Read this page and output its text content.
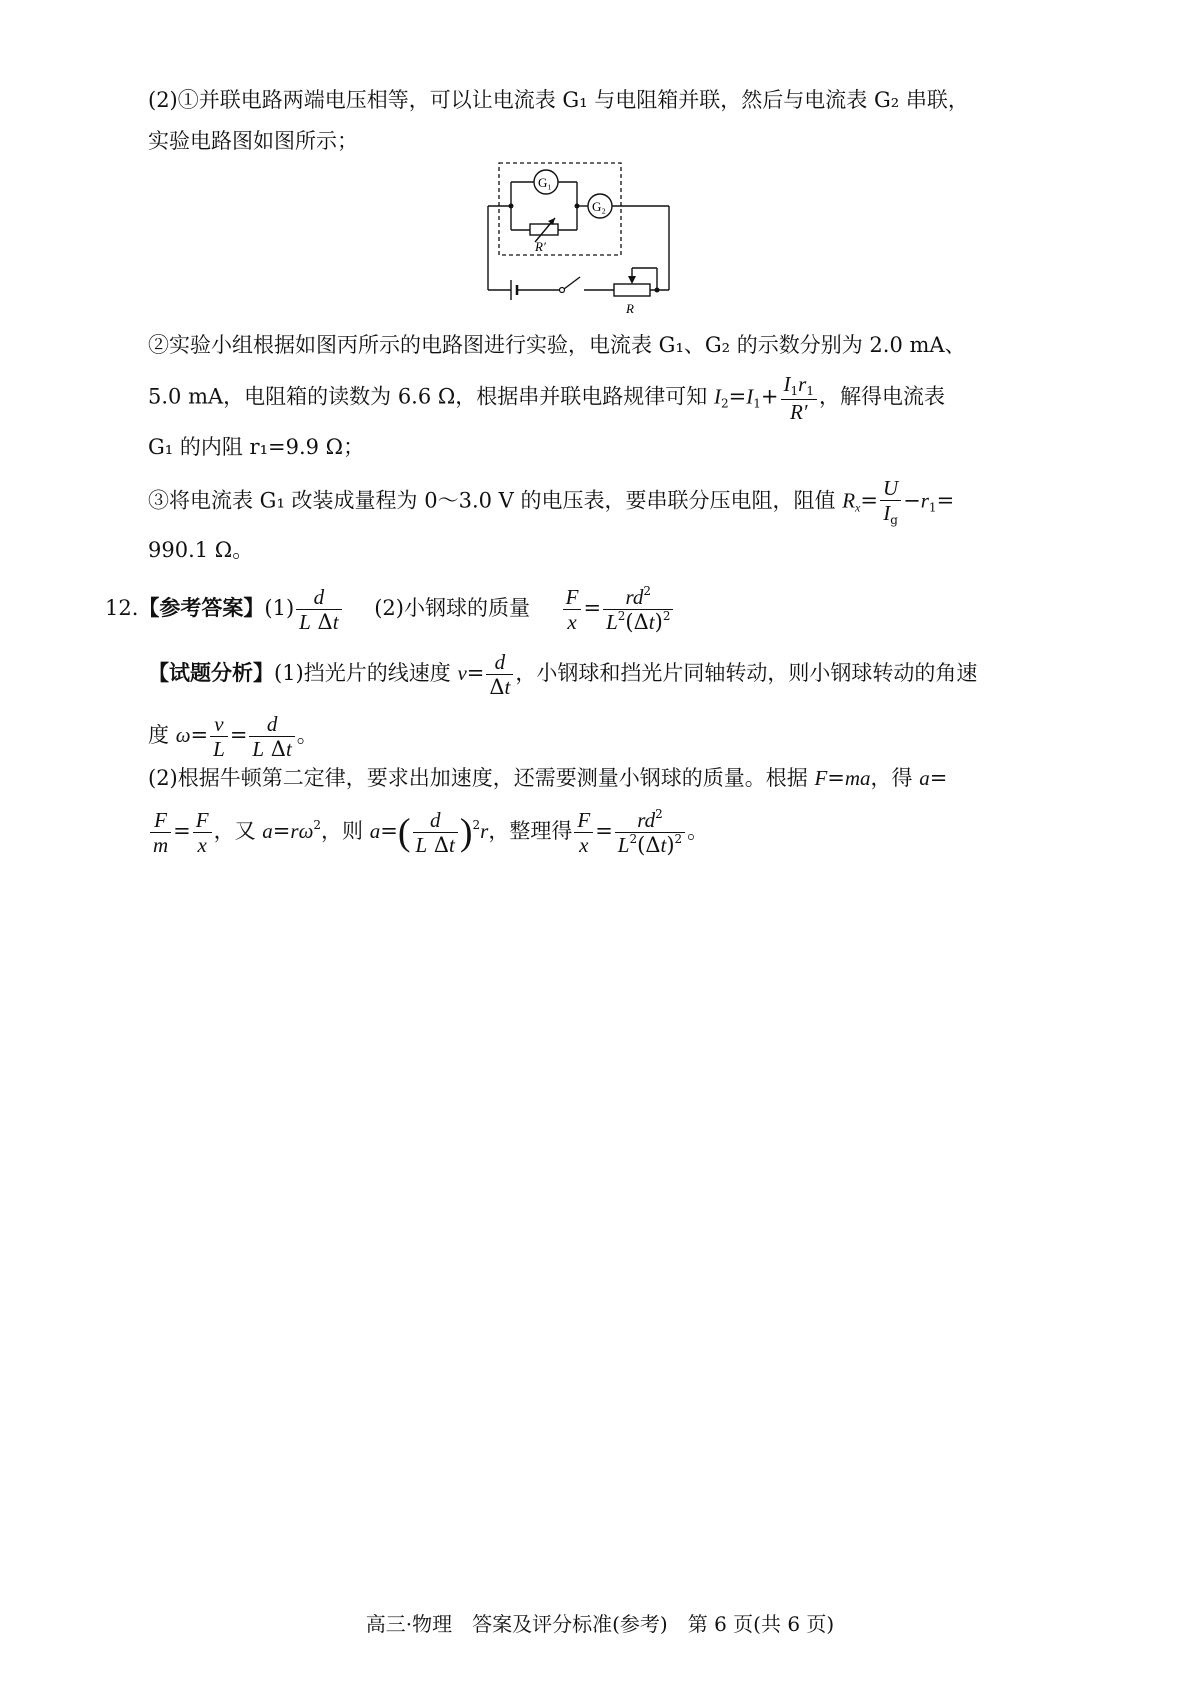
(2)①并联电路两端电压相等，可以让电流表 G₁ 与电阻箱并联，然后与电流表 G₂ 串联，
实验电路图如图所示；
G₁
R′
G₂
R
②实验小组根据如图丙所示的电路图进行实验，电流表 G₁、G₂ 的示数分别为 2.0 mA、
5.0 mA，电阻箱的读数为 6.6 Ω，根据串并联电路规律可知 $I_2=I_1+ \frac{I_1r_1}{R'}$ ，解得电流表
G₁ 的内阻 r₁=9.9 Ω；
③将电流表 G₁ 改装成量程为 0～3.0 V 的电压表，要串联分压电阻，阻值 $R_x= \frac{U}{I_g} -r_1=$
990.1 Ω。
12.【参考答案】$(1) \frac{d}{\text{L Δt}} (2)$小钢球的质量 $\frac{F}{x} = \frac{rd^2}{L^2(\Delta t)^2}$
【试题分析】(1)挡光片的线速度 $v= \frac{d}{\Delta t}$ ，小钢球和挡光片同轴转动，则小钢球转动的角速
度 $\omega= \frac{v}{L} = \frac{d}{\text{L Δt}}$ 。
(2)根据牛顿第二定律，要求出加速度，还需要测量小钢球的质量。根据 F=ma，得 a=
$\frac{F}{m} = \frac{F}{x}$ ，又 $a=r\omega^2$，则 $a=( \frac{d}{\text{L Δt}} )^2r$，整理得 $\frac{F}{x} = \frac{rd^2}{L^2(\Delta t)^2}$ 。
高三·物理　答案及评分标准(参考)　第 6 页(共 6 页)
